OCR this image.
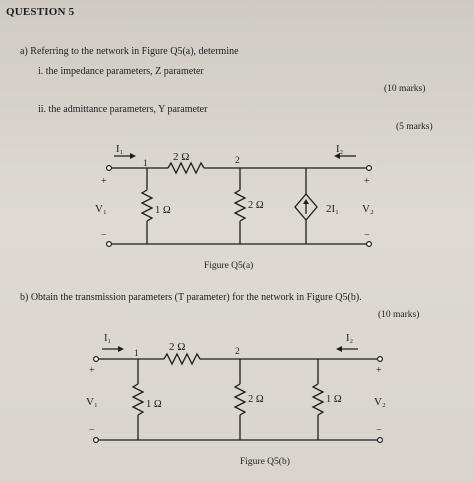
QUESTION 5
a) Referring to the network in Figure Q5(a), determine
i. the impedance parameters, Z parameter
(10 marks)
ii. the admittance parameters, Y parameter
(5 marks)
I₁	I₂
1	2
2 Ω
1 Ω	2 Ω	2I₁
V₁	V₂
+	+
−	−
Figure Q5(a)
b) Obtain the transmission parameters (T parameter) for the network in Figure Q5(b).
(10 marks)
I₁	I₂
1	2
2 Ω
1 Ω	2 Ω	1 Ω
V₁	V₂
+	+
−	−
Figure Q5(b)
